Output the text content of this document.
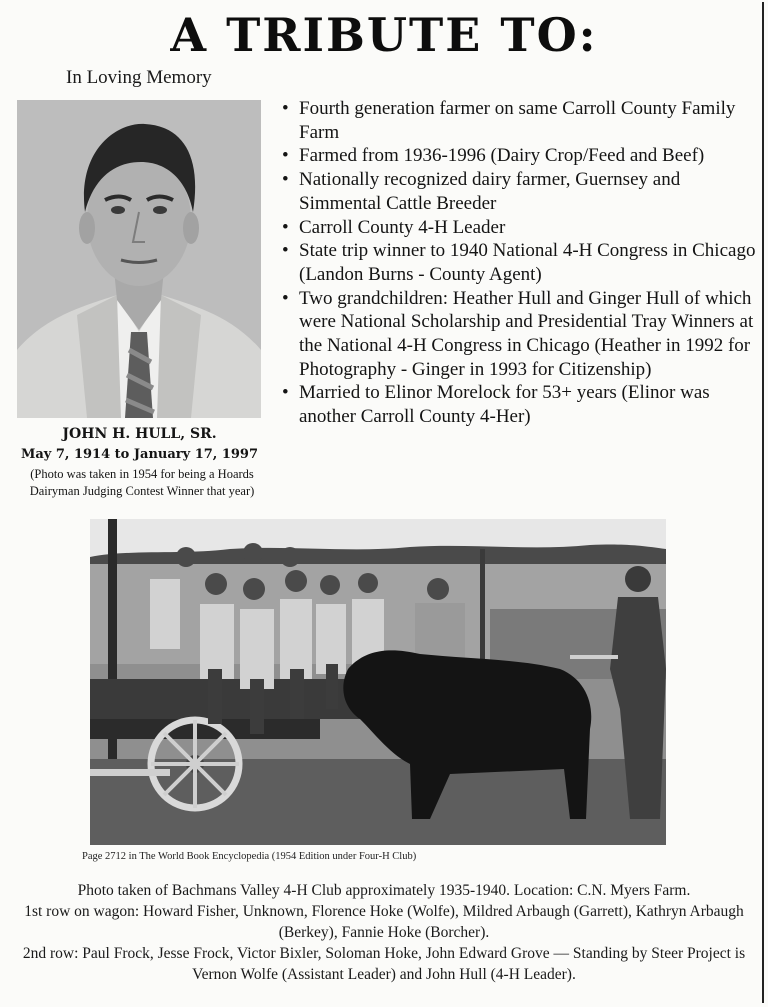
A TRIBUTE TO:
In Loving Memory
JOHN H. HULL, SR.
May 7, 1914 to January 17, 1997
(Photo was taken in 1954 for being a Hoards Dairyman Judging Contest Winner that year)
• Fourth generation farmer on same Carroll County Family Farm
• Farmed from 1936-1996 (Dairy Crop/Feed and Beef)
• Nationally recognized dairy farmer, Guernsey and Simmental Cattle Breeder
• Carroll County 4-H Leader
• State trip winner to 1940 National 4-H Congress in Chicago (Landon Burns - County Agent)
• Two grandchildren: Heather Hull and Ginger Hull of which were National Scholarship and Presidential Tray Winners at the National 4-H Congress in Chicago (Heather in 1992 for Photography - Ginger in 1993 for Citizenship)
• Married to Elinor Morelock for 53+ years (Elinor was another Carroll County 4-Her)
Page 2712 in The World Book Encyclopedia (1954 Edition under Four-H Club)
Photo taken of Bachmans Valley 4-H Club approximately 1935-1940. Location: C.N. Myers Farm.
1st row on wagon: Howard Fisher, Unknown, Florence Hoke (Wolfe), Mildred Arbaugh (Garrett), Kathryn Arbaugh (Berkey), Fannie Hoke (Borcher).
2nd row: Paul Frock, Jesse Frock, Victor Bixler, Soloman Hoke, John Edward Grove — Standing by Steer Project is Vernon Wolfe (Assistant Leader) and John Hull (4-H Leader).
